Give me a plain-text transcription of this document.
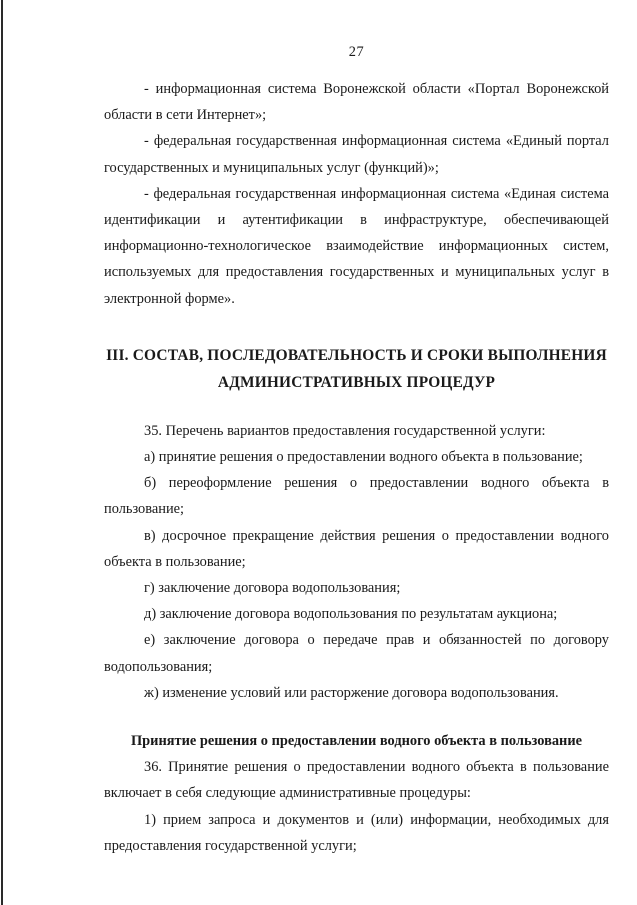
27

- информационная система Воронежской области «Портал Воронежской области в сети Интернет»;

- федеральная государственная информационная система «Единый портал государственных и муниципальных услуг (функций)»;

- федеральная государственная информационная система «Единая система идентификации и аутентификации в инфраструктуре, обеспечивающей информационно-технологическое взаимодействие информационных систем, используемых для предоставления государственных и муниципальных услуг в электронной форме».

III. СОСТАВ, ПОСЛЕДОВАТЕЛЬНОСТЬ И СРОКИ ВЫПОЛНЕНИЯ АДМИНИСТРАТИВНЫХ ПРОЦЕДУР

35. Перечень вариантов предоставления государственной услуги:

а) принятие решения о предоставлении водного объекта в пользование;

б) переоформление решения о предоставлении водного объекта в пользование;

в) досрочное прекращение действия решения о предоставлении водного объекта в пользование;

г) заключение договора водопользования;

д) заключение договора водопользования по результатам аукциона;

е) заключение договора о передаче прав и обязанностей по договору водопользования;

ж) изменение условий или расторжение договора водопользования.

Принятие решения о предоставлении водного объекта в пользование

36. Принятие решения о предоставлении водного объекта в пользование включает в себя следующие административные процедуры:

1) прием запроса и документов и (или) информации, необходимых для предоставления государственной услуги;
